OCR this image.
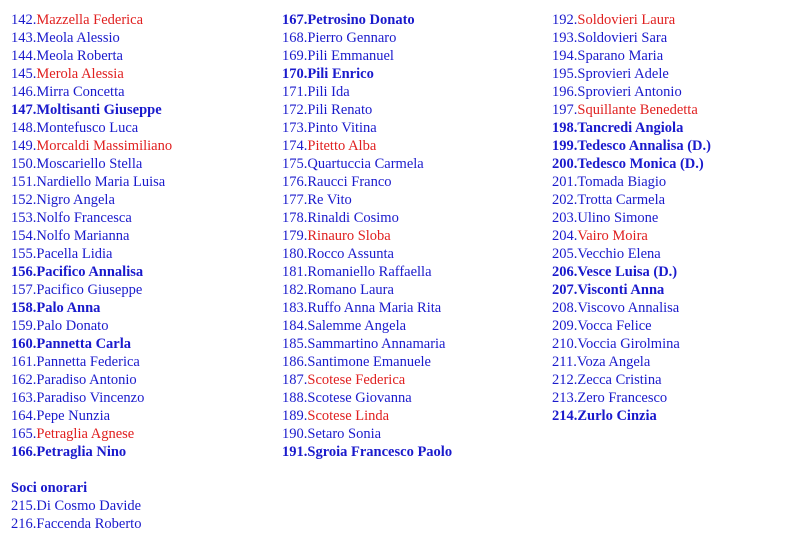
142.Mazzella Federica
143.Meola Alessio
144.Meola Roberta
145.Merola Alessia
146.Mirra Concetta
147.Moltisanti Giuseppe
148.Montefusco Luca
149.Morcaldi Massimiliano
150.Moscariello Stella
151.Nardiello Maria Luisa
152.Nigro Angela
153.Nolfo Francesca
154.Nolfo Marianna
155.Pacella Lidia
156.Pacifico Annalisa
157.Pacifico Giuseppe
158.Palo Anna
159.Palo Donato
160.Pannetta Carla
161.Pannetta Federica
162.Paradiso Antonio
163.Paradiso Vincenzo
164.Pepe Nunzia
165.Petraglia Agnese
166.Petraglia Nino
Soci onorari
215.Di Cosmo Davide
216.Faccenda Roberto
167.Petrosino Donato
168.Pierro Gennaro
169.Pili Emmanuel
170.Pili Enrico
171.Pili Ida
172.Pili Renato
173.Pinto Vitina
174.Pitetto Alba
175.Quartuccia Carmela
176.Raucci Franco
177.Re Vito
178.Rinaldi Cosimo
179.Rinauro Sloba
180.Rocco Assunta
181.Romaniello Raffaella
182.Romano Laura
183.Ruffo Anna Maria Rita
184.Salemme Angela
185.Sammartino Annamaria
186.Santimone Emanuele
187.Scotese Federica
188.Scotese Giovanna
189.Scotese Linda
190.Setaro Sonia
191.Sgroia Francesco Paolo
192.Soldovieri Laura
193.Soldovieri Sara
194.Sparano Maria
195.Sprovieri Adele
196.Sprovieri Antonio
197.Squillante Benedetta
198.Tancredi Angiola
199.Tedesco Annalisa (D.)
200.Tedesco Monica (D.)
201.Tomada Biagio
202.Trotta Carmela
203.Ulino Simone
204.Vairo Moira
205.Vecchio Elena
206.Vesce Luisa (D.)
207.Visconti Anna
208.Viscovo Annalisa
209.Vocca Felice
210.Voccia Girolmina
211.Voza Angela
212.Zecca Cristina
213.Zero Francesco
214.Zurlo Cinzia
